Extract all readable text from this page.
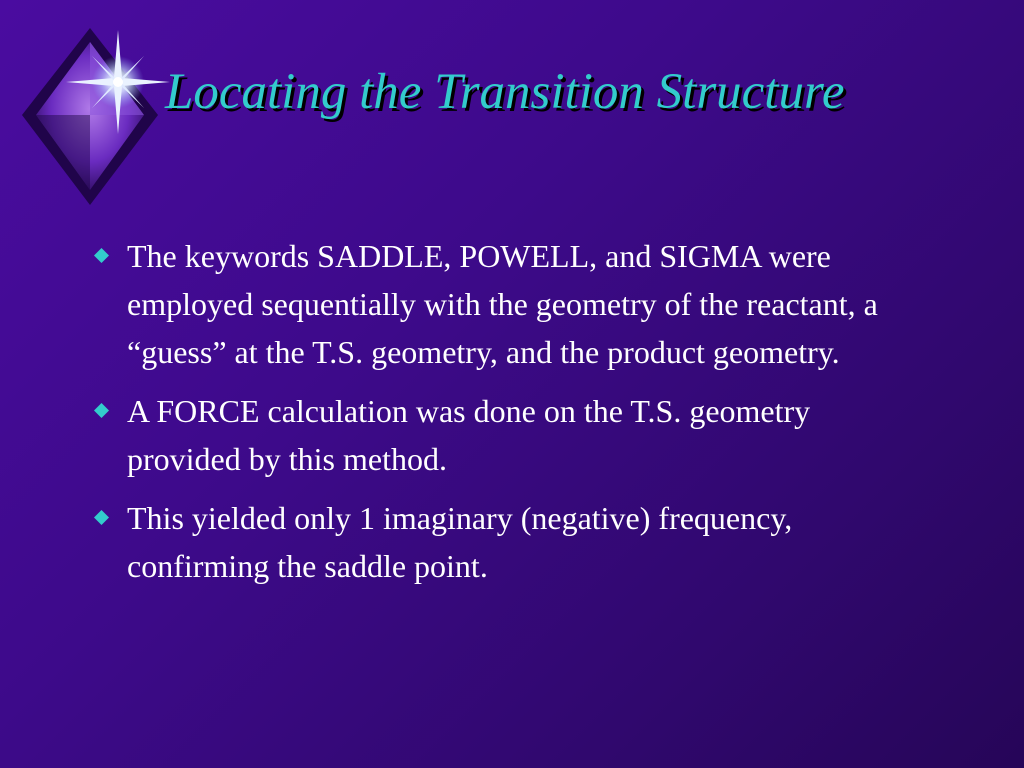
Locating the Transition Structure
The keywords SADDLE, POWELL, and SIGMA were employed sequentially with the geometry of the reactant, a “guess” at the T.S. geometry, and the product geometry.
A FORCE calculation was done on the T.S. geometry provided by this method.
This yielded only 1 imaginary (negative) frequency, confirming the saddle point.
